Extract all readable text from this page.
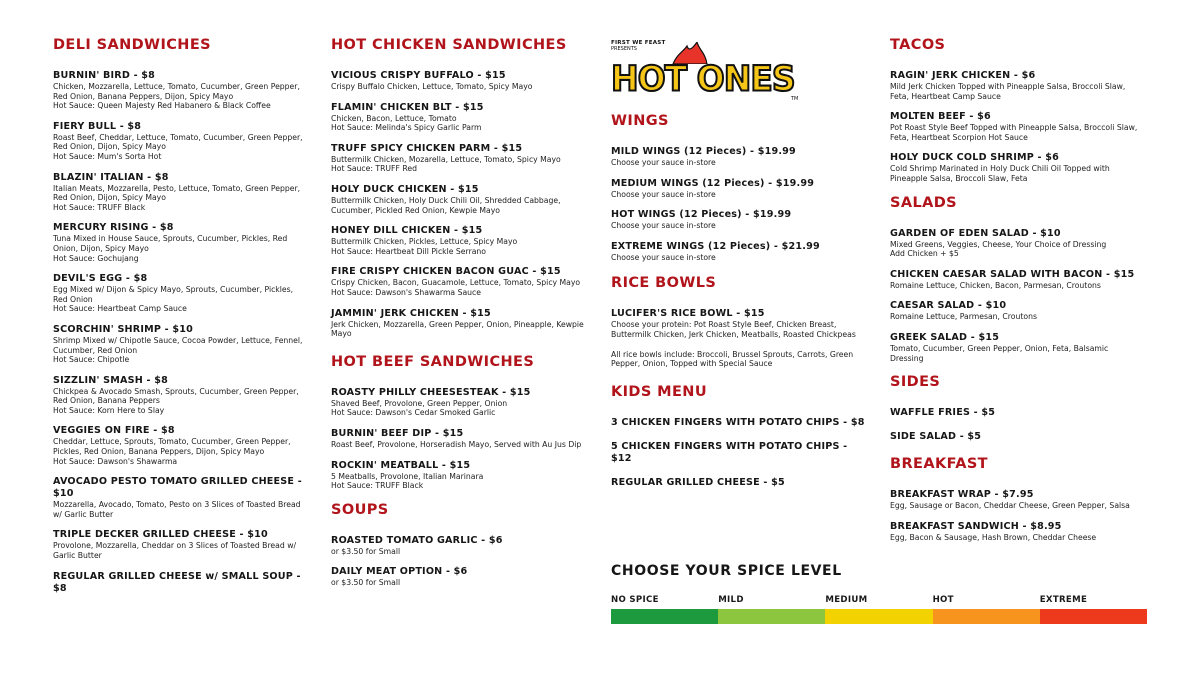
DELI SANDWICHES
BURNIN' BIRD - $8
Chicken, Mozzarella, Lettuce, Tomato, Cucumber, Green Pepper,
Red Onion, Banana Peppers, Dijon, Spicy Mayo
Hot Sauce: Queen Majesty Red Habanero & Black Coffee
FIERY BULL - $8
Roast Beef, Cheddar, Lettuce, Tomato, Cucumber, Green Pepper,
Red Onion, Dijon, Spicy Mayo
Hot Sauce: Mum's Sorta Hot
BLAZIN' ITALIAN - $8
Italian Meats, Mozzarella, Pesto, Lettuce, Tomato, Green Pepper,
Red Onion, Dijon, Spicy Mayo
Hot Sauce: TRUFF Black
MERCURY RISING - $8
Tuna Mixed in House Sauce, Sprouts, Cucumber, Pickles, Red
Onion, Dijon, Spicy Mayo
Hot Sauce: Gochujang
DEVIL'S EGG - $8
Egg Mixed w/ Dijon & Spicy Mayo, Sprouts, Cucumber, Pickles,
Red Onion
Hot Sauce: Heartbeat Camp Sauce
SCORCHIN' SHRIMP - $10
Shrimp Mixed w/ Chipotle Sauce, Cocoa Powder, Lettuce, Fennel,
Cucumber, Red Onion
Hot Sauce: Chipotle
SIZZLIN' SMASH - $8
Chickpea & Avocado Smash, Sprouts, Cucumber, Green Pepper,
Red Onion, Banana Peppers
Hot Sauce: Korn Here to Slay
VEGGIES ON FIRE - $8
Cheddar, Lettuce, Sprouts, Tomato, Cucumber, Green Pepper,
Pickles, Red Onion, Banana Peppers, Dijon, Spicy Mayo
Hot Sauce: Dawson's Shawarma
AVOCADO PESTO TOMATO GRILLED CHEESE - $10
Mozzarella, Avocado, Tomato, Pesto on 3 Slices of Toasted Bread
w/ Garlic Butter
TRIPLE DECKER GRILLED CHEESE - $10
Provolone, Mozzarella, Cheddar on 3 Slices of Toasted Bread w/
Garlic Butter
REGULAR GRILLED CHEESE w/ SMALL SOUP - $8
HOT CHICKEN SANDWICHES
VICIOUS CRISPY BUFFALO - $15
Crispy Buffalo Chicken, Lettuce, Tomato, Spicy Mayo
FLAMIN' CHICKEN BLT - $15
Chicken, Bacon, Lettuce, Tomato
Hot Sauce: Melinda's Spicy Garlic Parm
TRUFF SPICY CHICKEN PARM - $15
Buttermilk Chicken, Mozarella, Lettuce, Tomato, Spicy Mayo
Hot Sauce: TRUFF Red
HOLY DUCK CHICKEN - $15
Buttermilk Chicken, Holy Duck Chili Oil, Shredded Cabbage,
Cucumber, Pickled Red Onion, Kewpie Mayo
HONEY DILL CHICKEN - $15
Buttermilk Chicken, Pickles, Lettuce, Spicy Mayo
Hot Sauce: Heartbeat Dill Pickle Serrano
FIRE CRISPY CHICKEN BACON GUAC - $15
Crispy Chicken, Bacon, Guacamole, Lettuce, Tomato, Spicy Mayo
Hot Sauce: Dawson's Shawarma Sauce
JAMMIN' JERK CHICKEN - $15
Jerk Chicken, Mozzarella, Green Pepper, Onion, Pineapple, Kewpie
Mayo
HOT BEEF SANDWICHES
ROASTY PHILLY CHEESESTEAK - $15
Shaved Beef, Provolone, Green Pepper, Onion
Hot Sauce: Dawson's Cedar Smoked Garlic
BURNIN' BEEF DIP - $15
Roast Beef, Provolone, Horseradish Mayo, Served with Au Jus Dip
ROCKIN' MEATBALL - $15
5 Meatballs, Provolone, Italian Marinara
Hot Sauce: TRUFF Black
SOUPS
ROASTED TOMATO GARLIC - $6
or $3.50 for Small
DAILY MEAT OPTION - $6
or $3.50 for Small
FIRST WE FEAST
PRESENTS
HOT ONES
TM
WINGS
MILD WINGS (12 Pieces) - $19.99
Choose your sauce in-store
MEDIUM WINGS (12 Pieces) - $19.99
Choose your sauce in-store
HOT WINGS (12 Pieces) - $19.99
Choose your sauce in-store
EXTREME WINGS (12 Pieces) - $21.99
Choose your sauce in-store
RICE BOWLS
LUCIFER'S RICE BOWL - $15
Choose your protein: Pot Roast Style Beef, Chicken Breast,
Buttermilk Chicken, Jerk Chicken, Meatballs, Roasted Chickpeas
All rice bowls include: Broccoli, Brussel Sprouts, Carrots, Green
Pepper, Onion, Topped with Special Sauce
KIDS MENU
3 CHICKEN FINGERS WITH POTATO CHIPS - $8
5 CHICKEN FINGERS WITH POTATO CHIPS - $12
REGULAR GRILLED CHEESE - $5
TACOS
RAGIN' JERK CHICKEN - $6
Mild Jerk Chicken Topped with Pineapple Salsa, Broccoli Slaw,
Feta, Heartbeat Camp Sauce
MOLTEN BEEF - $6
Pot Roast Style Beef Topped with Pineapple Salsa, Broccoli Slaw,
Feta, Heartbeat Scorpion Hot Sauce
HOLY DUCK COLD SHRIMP - $6
Cold Shrimp Marinated in Holy Duck Chili Oil Topped with
Pineapple Salsa, Broccoli Slaw, Feta
SALADS
GARDEN OF EDEN SALAD - $10
Mixed Greens, Veggies, Cheese, Your Choice of Dressing
Add Chicken + $5
CHICKEN CAESAR SALAD WITH BACON - $15
Romaine Lettuce, Chicken, Bacon, Parmesan, Croutons
CAESAR SALAD - $10
Romaine Lettuce, Parmesan, Croutons
GREEK SALAD - $15
Tomato, Cucumber, Green Pepper, Onion, Feta, Balsamic
Dressing
SIDES
WAFFLE FRIES - $5
SIDE SALAD - $5
BREAKFAST
BREAKFAST WRAP - $7.95
Egg, Sausage or Bacon, Cheddar Cheese, Green Pepper, Salsa
BREAKFAST SANDWICH - $8.95
Egg, Bacon & Sausage, Hash Brown, Cheddar Cheese
CHOOSE YOUR SPICE LEVEL
NO SPICE	MILD	MEDIUM	HOT	EXTREME
